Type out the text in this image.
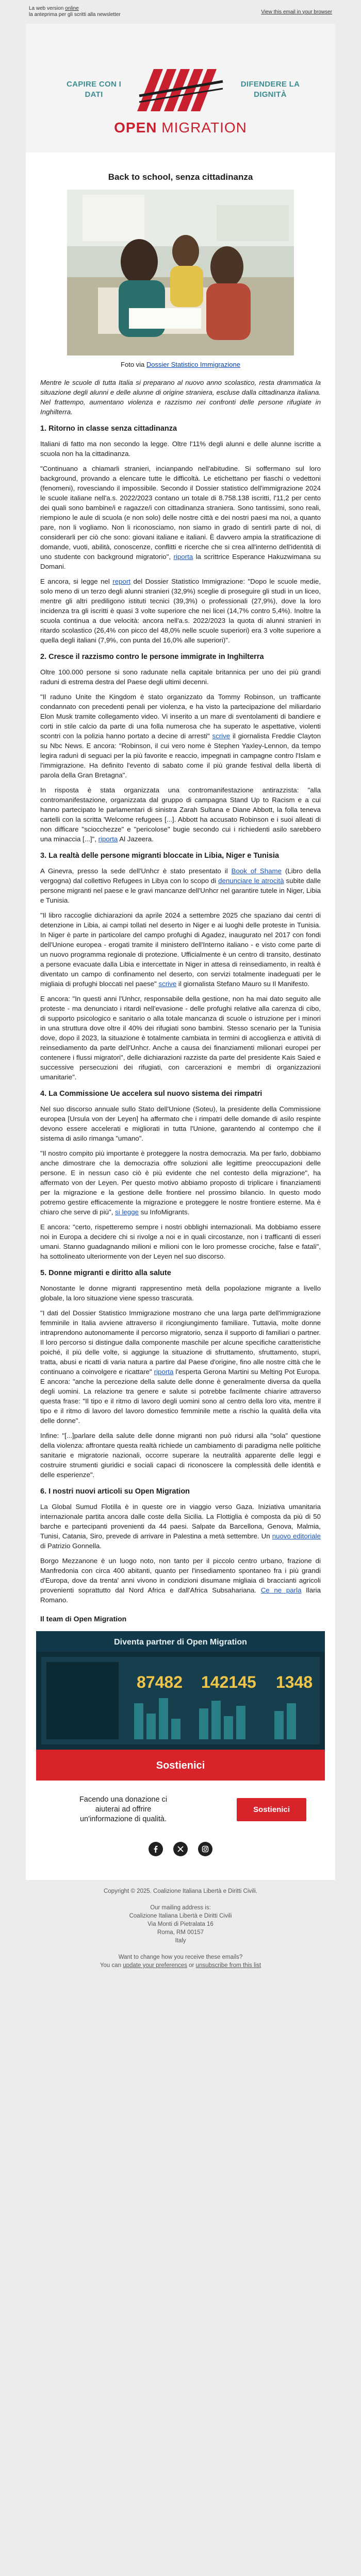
La web version online
la anteprima per gli scritti alla newsletter	View this email in your browser
CAPIRE CON I DATI
DIFENDERE LA DIGNITÀ
OPEN MIGRATION
Back to school, senza cittadinanza
Foto via Dossier Statistico Immigrazione

Mentre le scuole di tutta Italia si preparano al nuovo anno scolastico, resta drammatica la situazione degli alunni e delle alunne di origine straniera, escluse dalla cittadinanza italiana. Nel frattempo, aumentano violenza e razzismo nei confronti delle persone rifugiate in Inghilterra.

1. Ritorno in classe senza cittadinanza

Italiani di fatto ma non secondo la legge. Oltre l'11% degli alunni e delle alunne iscritte a scuola non ha la cittadinanza.

"Continuano a chiamarli stranieri, incianpando nell'abitudine. Si soffermano sul loro background, provando a elencare tutte le difficoltà. Le etichettano per fiaschi o vedettoni (fenomeni), rovesciando il impossibile. Secondo il Dossier statistico dell'immigrazione 2024 le scuole italiane nell'a.s. 2022/2023 contano un totale di 8.758.138 iscritti, l'11,2 per cento dei quali sono bambine/i e ragazze/i con cittadinanza straniera. Sono tantissimi, sono reali, riempiono le aule di scuola (e non solo) delle nostre città e dei nostri paesi ma noi, a quanto pare, non li vogliamo. Non li riconosciamo, non siamo in grado di sentirli parte di noi, di considerarli per ciò che sono: giovani italiane e italiani. È davvero ampia la stratificazione di domande, vuoti, abilità, conoscenze, conflitti e ricerche che si crea all'interno dell'identità di uno studente con background migratorio", riporta la scrittrice Esperance Hakuzwimana su Domani.

E ancora, si legge nel report del Dossier Statistico Immigrazione: "Dopo le scuole medie, solo meno di un terzo degli alunni stranieri (32,9%) sceglie di proseguire gli studi in un liceo, mentre gli altri prediligono istituti tecnici (39,3%) o professionali (27,9%), dove la loro incidenza tra gli iscritti è quasi 3 volte superiore che nei licei (14,7% contro 5,4%). Inoltre la scuola continua a due velocità: ancora nell'a.s. 2022/2023 la quota di alunni stranieri in ritardo scolastico (26,4% con picco del 48,0% nelle scuole superiori) era 3 volte superiore a quella degli italiani (7,9%, con punta del 16,0% alle superiori)".

2. Cresce il razzismo contro le persone immigrate in Inghilterra

Oltre 100.000 persone si sono radunate nella capitale britannica per uno dei più grandi raduni di estrema destra del Paese degli ultimi decenni.

"Il raduno Unite the Kingdom è stato organizzato da Tommy Robinson, un trafficante condannato con precedenti penali per violenza, e ha visto la partecipazione del miliardario Elon Musk tramite collegamento video. Vi inserito a un mare di sventolamenti di bandiere e corti in stile calcio da parte di una folla numerosa che ha superato le aspettative, violenti scontri con la polizia hanno portato a decine di arresti" scrive il giornalista Freddie Clayton su Nbc News. E ancora: "Robinson, il cui vero nome è Stephen Yaxley-Lennon, da tempo legira radunì di seguaci per la più favorite e reaccio, impegnati in campagne contro l'Islam e l'immigrazione. Ha definito l'evento di sabato come il più grande festival della libertà di parola della Gran Bretagna".

In risposta è stata organizzata una contromanifestazione antirazzista: "alla contromanifestazione, organizzata dal gruppo di campagna Stand Up to Racism e a cui hanno partecipato le parlamentari di sinistra Zarah Sultana e Diane Abbott, la folla teneva cartelli con la scritta 'Welcome refugees [...]. Abbott ha accusato Robinson e i suoi alleati di non difficare "sciocchezze" e "pericolose" bugie secondo cui i richiedenti asilo sarebbero una minaccia [...]", riporta Al Jazeera.

3. La realtà delle persone migranti bloccate in Libia, Niger e Tunisia

A Ginevra, presso la sede dell'Unhcr è stato presentato il Book of Shame (Libro della vergogna) dal collettivo Refugees in Libya con lo scopo di denunciare le atrocità subite dalle persone migranti nel paese e le gravi mancanze dell'Unhcr nel garantire tutele in Niger, Libia e Tunisia.

"Il libro raccoglie dichiarazioni da aprile 2024 a settembre 2025 che spaziano dai centri di detenzione in Libia, ai campi tollati nel deserto in Niger e ai luoghi delle proteste in Tunisia. In Niger è parte in particolare del campo profughi di Agadez, inaugurato nel 2017 con fondi dell'Unione europea - erogati tramite il ministero dell'Interno italiano - e visto come parte di un nuovo programma regionale di protezione. Ufficialmente è un centro di transito, destinato a persone evacuate dalla Libia e intercettate in Niger in attesa di reinsediamento, in realtà è diventato un campo di confinamento nel deserto, con servizi totalmente inadeguati per le migliaia di profughi bloccati nel paese" scrive il giornalista Stefano Mauro su Il Manifesto.

E ancora: "In questi anni l'Unhcr, responsabile della gestione, non ha mai dato seguito alle proteste - ma denunciato i ritardi nell'evasione - delle profughi relative alla carenza di cibo, di supporto psicologico e sanitario o alla totale mancanza di scuole o istruzione per i minori in una struttura dove oltre il 40% dei rifugiati sono bambini. Stesso scenario per la Tunisia dove, dopo il 2023, la situazione è totalmente cambiata in termini di accoglienza e attività di reinsediamento da parte dell'Unhcr. Anche a causa dei finanziamenti milionari europei per contenere i flussi migratori", delle dichiarazioni razziste da parte del presidente Kais Saied e successive persecuzioni dei rifugiati, con carcerazioni e membri di organizzazioni umanitarie".

4. La Commissione Ue accelera sul nuovo sistema dei rimpatri

Nel suo discorso annuale sullo Stato dell'Unione (Soteu), la presidente della Commissione europea [Ursula von der Leyen] ha affermato che i rimpatri delle domande di asilo respinte devono essere accelerati e migliorati in tutta l'Unione, garantendo al contempo che il sistema di asilo rimanga "umano".

"Il nostro compito più importante è proteggere la nostra democrazia. Ma per farlo, dobbiamo anche dimostrare che la democrazia offre soluzioni alle legittime preoccupazioni delle persone. E in nessun caso ciò è più evidente che nel contesto della migrazione", ha affermato von der Leyen. Per questo motivo abbiamo proposto di triplicare i finanziamenti per la migrazione e la gestione delle frontiere nel prossimo bilancio. In questo modo potremo gestire efficacemente la migrazione e proteggere le nostre frontiere esterne. Ma è chiaro che serve di più", si legge su InfoMigrants.

E ancora: "certo, rispetteremo sempre i nostri obblighi internazionali. Ma dobbiamo essere noi in Europa a decidere chi si rivolge a noi e in quali circostanze, non i trafficanti di esseri umani. Stanno guadagnando milioni e milioni con le loro promesse crociche, false e fatali", ha sottolineato ulteriormente von der Leyen nel suo discorso.

5. Donne migranti e diritto alla salute

Nonostante le donne migranti rappresentino metà della popolazione migrante a livello globale, la loro situazione viene spesso trascurata.

"I dati del Dossier Statistico Immigrazione mostrano che una larga parte dell'immigrazione femminile in Italia avviene attraverso il ricongiungimento familiare. Tuttavia, molte donne intraprendono autonomamente il percorso migratorio, senza il supporto di familiari o partner. Il loro percorso si distingue dalla componente maschile per alcune specifiche caratteristiche poiché, il più delle volte, si aggiunge la situazione di sfruttamento, sfruttamento, stupri, tratta, abusi e ricatti di varia natura a partire dal Paese d'origine, fino alle nostre città che le continuano a coinvolgere e ricattare" riporta l'esperta Gerona Martini su Melting Pot Europa. E ancora: "anche la percezione della salute delle donne è generalmente diversa da quella degli uomini. La relazione tra genere e salute si potrebbe facilmente chiarire attraverso questa frase: "Il tipo e il ritmo di lavoro degli uomini sono al centro della loro vita, mentre il tipo e il ritmo di lavoro del lavoro domestico femminile mette a rischio la qualità della vita delle donne".

Infine: "[...]parlare della salute delle donne migranti non può ridursi alla "sola" questione della violenza: affrontare questa realtà richiede un cambiamento di paradigma nelle politiche sanitarie e migratorie nazionali, occorre superare la neutralità apparente delle leggi e costruire strumenti giuridici e sociali capaci di riconoscere la complessità delle identità e delle esperienze".

6. I nostri nuovi articoli su Open Migration

La Global Sumud Flotilla è in queste ore in viaggio verso Gaza. Iniziativa umanitaria internazionale partita ancora dalle coste della Sicilia. La Flottiglia è composta da più di 50 barche e partecipanti provenienti da 44 paesi. Salpate da Barcellona, Genova, Malmia, Tunisi, Catania, Siro, prevede di arrivare in Palestina a metà settembre. Un nuovo editoriale di Patrizio Gonnella.

Borgo Mezzanone è un luogo noto, non tanto per il piccolo centro urbano, frazione di Manfredonia con circa 400 abitanti, quanto per l'insediamento spontaneo fra i più grandi d'Europa, dove da trenta' anni vivono in condizioni disumane migliaia di braccianti agricoli provenienti soprattutto dal Nord Africa e dall'Africa Subsahariana. Ce ne parla Ilaria Romano.

Il team di Open Migration
Diventa partner di Open Migration
87482 142145 1348
Sostienici
Facendo una donazione ci aiuterai ad offrire un'informazione di qualità.
Sostienici

Copyright © 2025. Coalizione Italiana Libertà e Diritti Civili.

Our mailing address is:
Coalizione Italiana Libertà e Diritti Civili
Via Monti di Pietralata 16
Roma, RM 00157
Italy

Want to change how you receive these emails?
You can update your preferences or unsubscribe from this list
